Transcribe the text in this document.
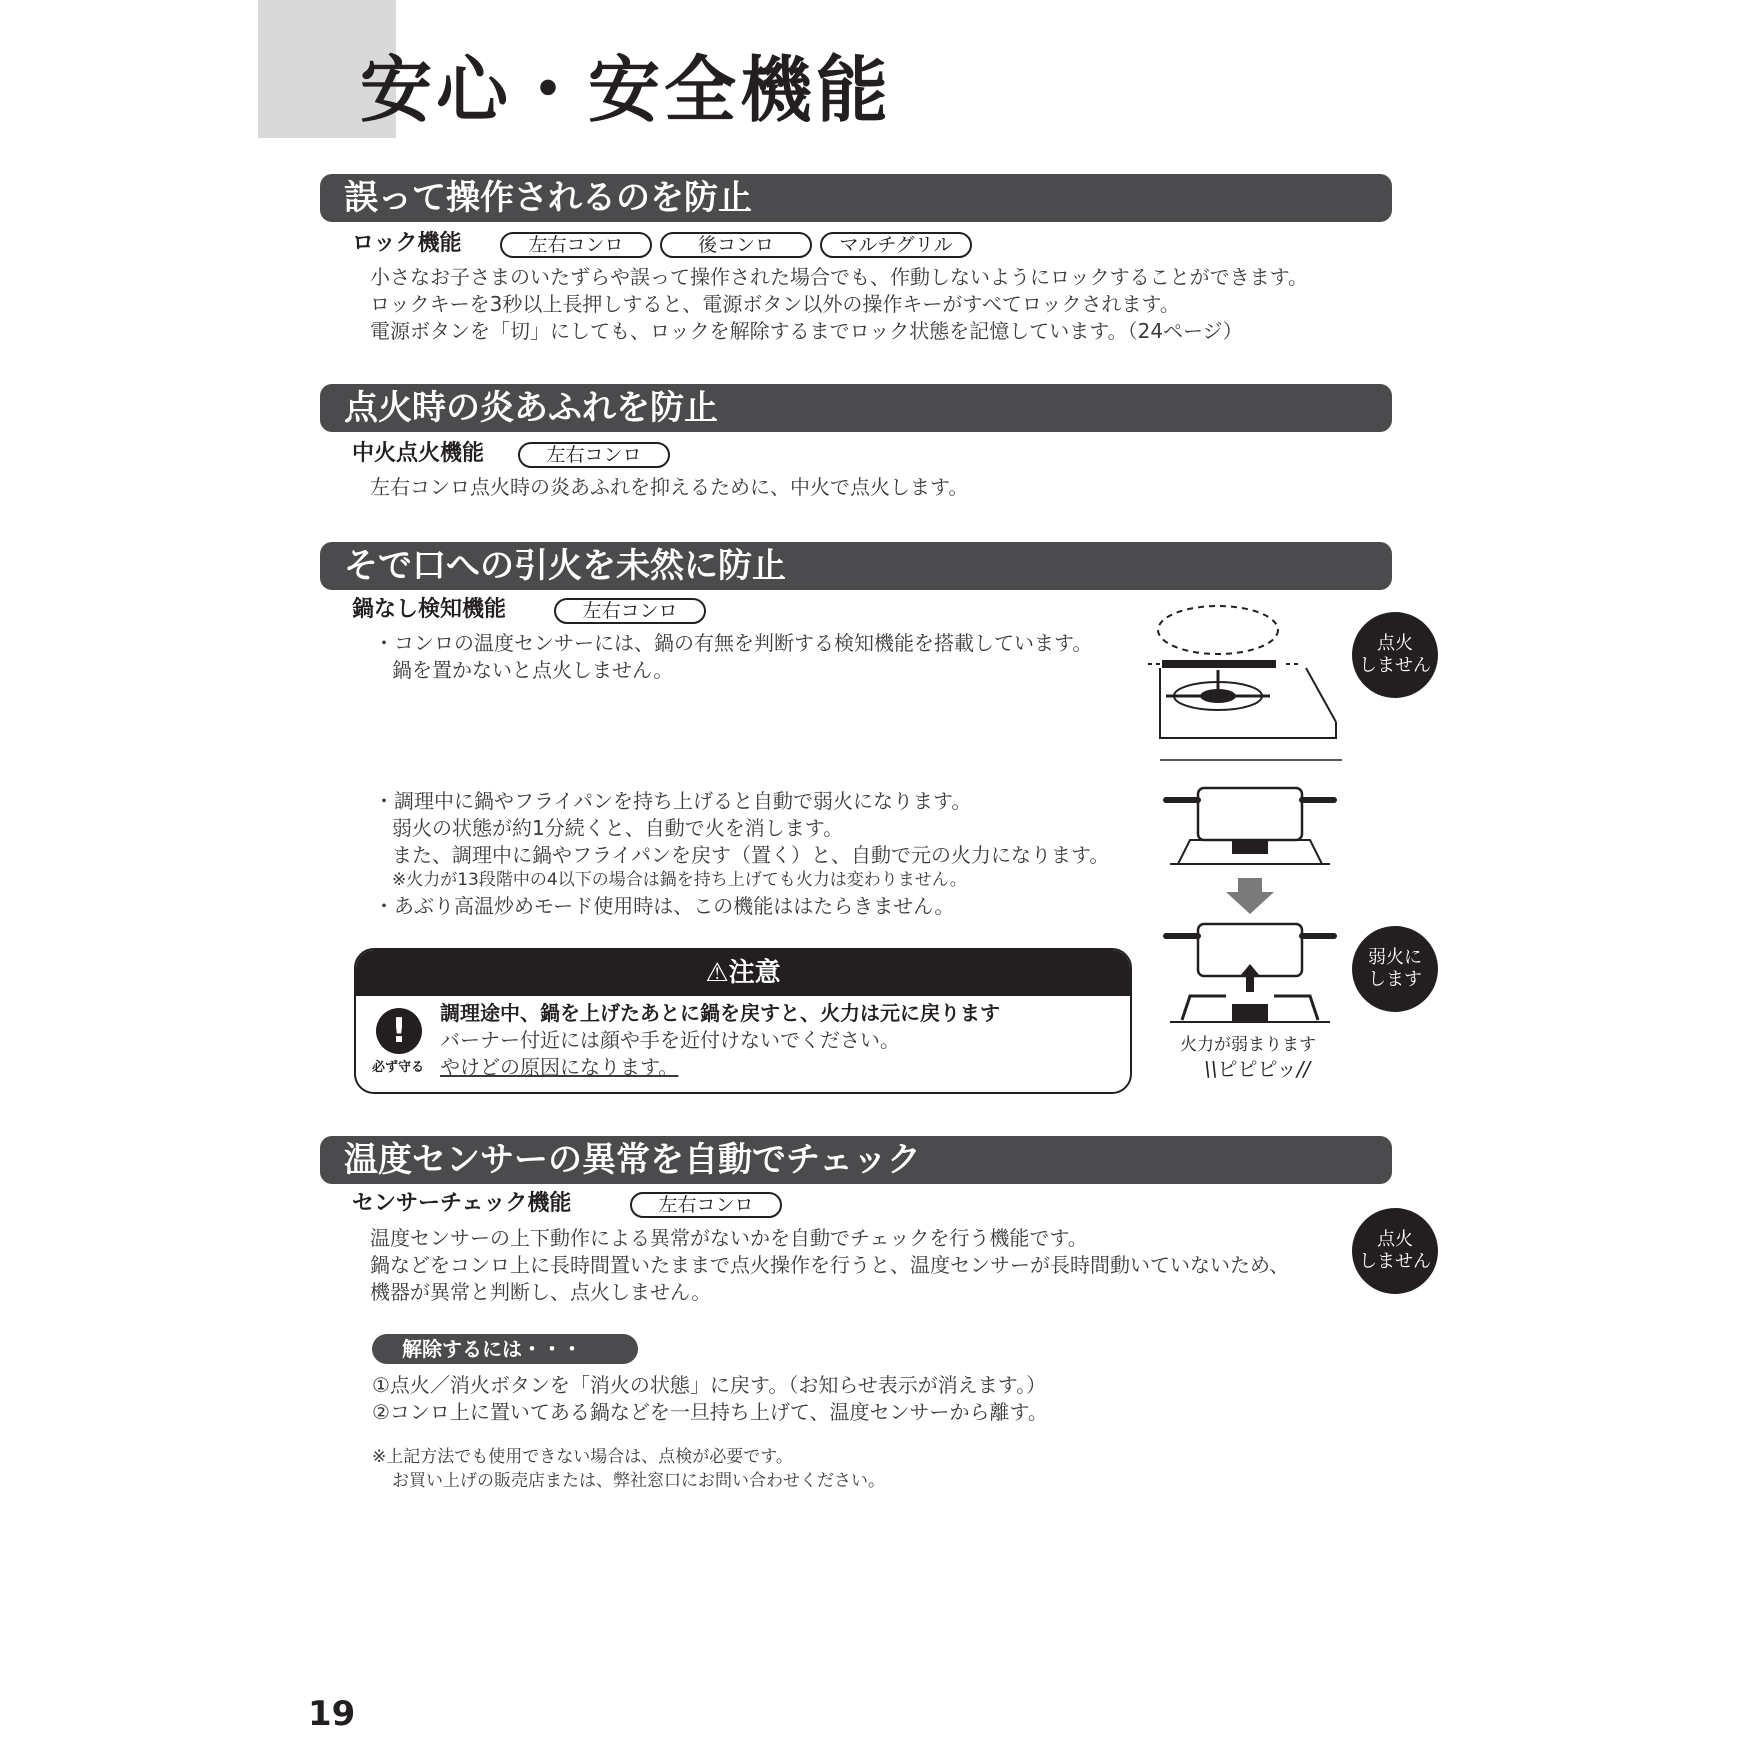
安心・安全機能
誤って操作されるのを防止
ロック機能	左右コンロ	後コンロ	マルチグリル
小さなお子さまのいたずらや誤って操作された場合でも、作動しないようにロックすることができます。
ロックキーを3秒以上長押しすると、電源ボタン以外の操作キーがすべてロックされます。
電源ボタンを「切」にしても、ロックを解除するまでロック状態を記憶しています。（24ページ）
点火時の炎あふれを防止
中火点火機能	左右コンロ
左右コンロ点火時の炎あふれを抑えるために、中火で点火します。
そで口への引火を未然に防止
鍋なし検知機能	左右コンロ
・コンロの温度センサーには、鍋の有無を判断する検知機能を搭載しています。
鍋を置かないと点火しません。
・調理中に鍋やフライパンを持ち上げると自動で弱火になります。
弱火の状態が約1分続くと、自動で火を消します。
また、調理中に鍋やフライパンを戻す（置く）と、自動で元の火力になります。
※火力が13段階中の4以下の場合は鍋を持ち上げても火力は変わりません。
・あぶり高温炒めモード使用時は、この機能ははたらきません。
点火
しません
弱火に
します
火力が弱まります
\\ピピピッ//
⚠注意
!
必ず守る
調理途中、鍋を上げたあとに鍋を戻すと、火力は元に戻ります
バーナー付近には顔や手を近付けないでください。
やけどの原因になります。
温度センサーの異常を自動でチェック
センサーチェック機能	左右コンロ
温度センサーの上下動作による異常がないかを自動でチェックを行う機能です。
鍋などをコンロ上に長時間置いたままで点火操作を行うと、温度センサーが長時間動いていないため、
機器が異常と判断し、点火しません。
点火
しません
解除するには・・・
①点火／消火ボタンを「消火の状態」に戻す。（お知らせ表示が消えます。）
②コンロ上に置いてある鍋などを一旦持ち上げて、温度センサーから離す。
※上記方法でも使用できない場合は、点検が必要です。
お買い上げの販売店または、弊社窓口にお問い合わせください。
19
